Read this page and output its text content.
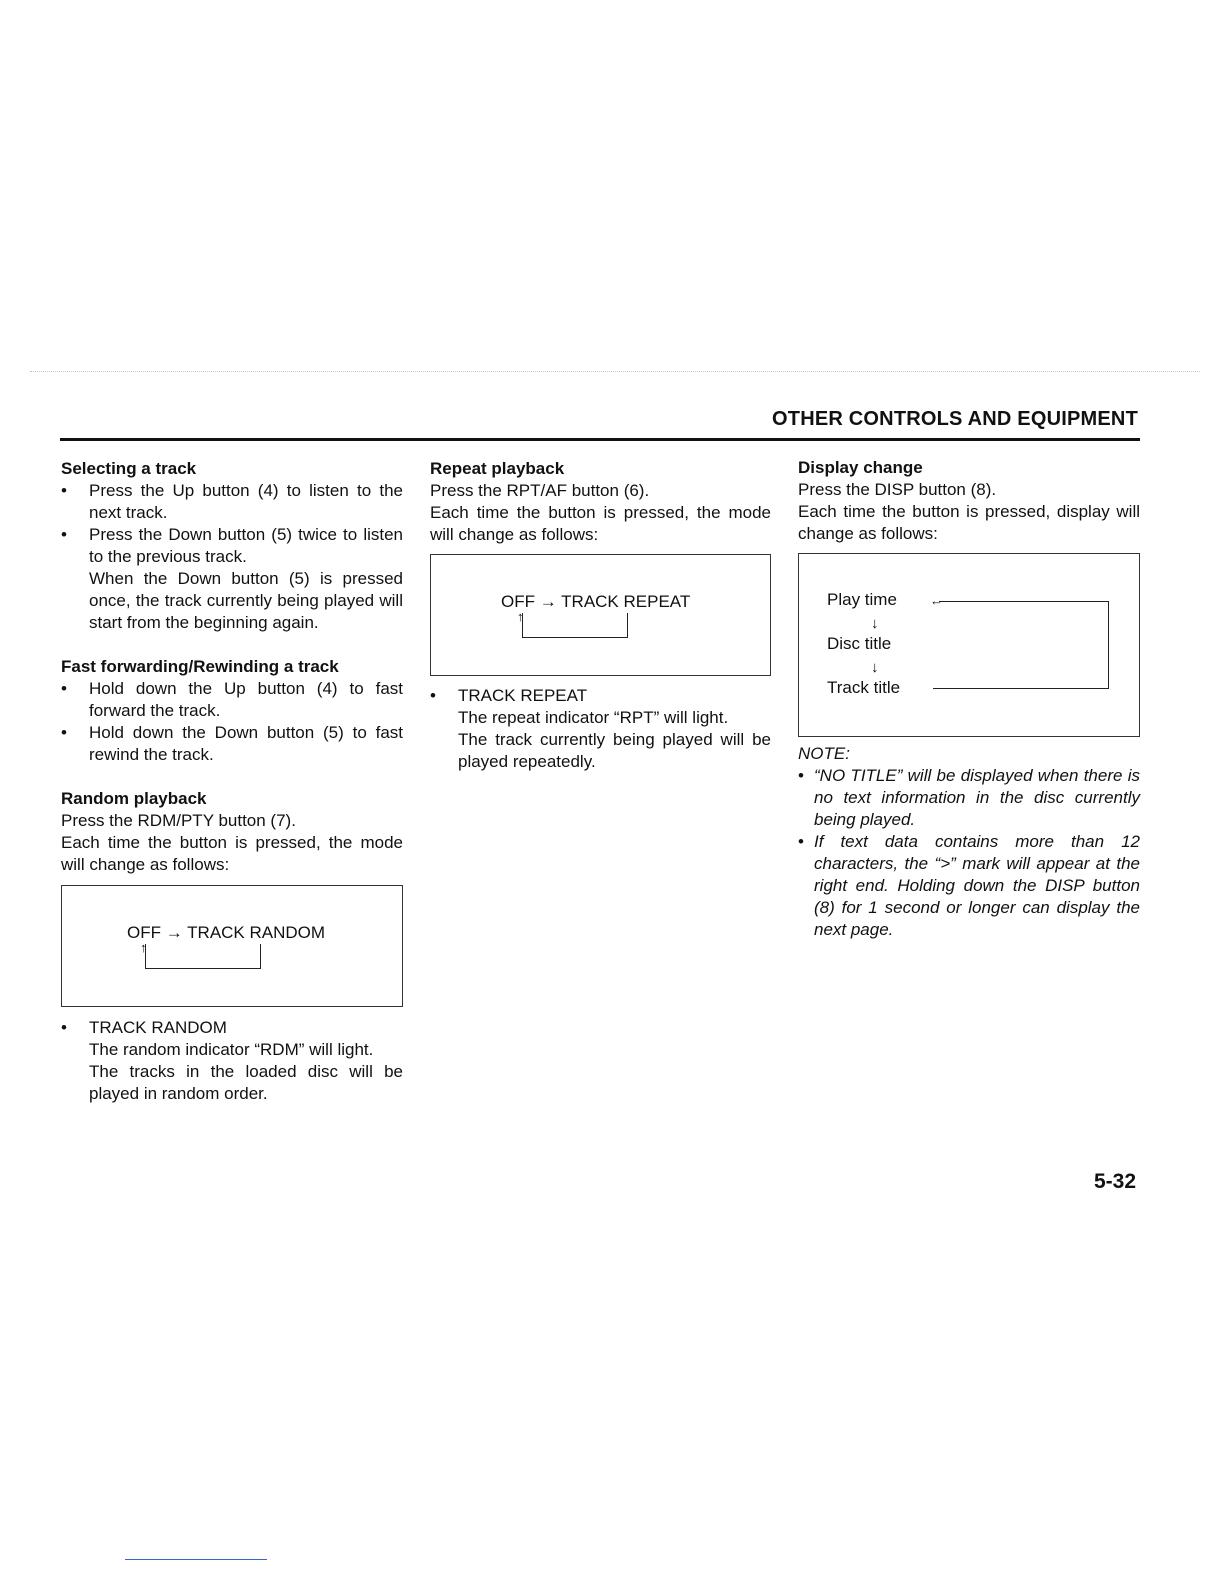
OTHER CONTROLS AND EQUIPMENT
Selecting a track
• Press the Up button (4) to listen to the next track.
• Press the Down button (5) twice to listen to the previous track.
When the Down button (5) is pressed once, the track currently being played will start from the beginning again.
Fast forwarding/Rewinding a track
• Hold down the Up button (4) to fast forward the track.
• Hold down the Down button (5) to fast rewind the track.
Random playback

Press the RDM/PTY button (7).

Each time the button is pressed, the mode will change as follows:

OFF → TRACK RANDOM
↑
• TRACK RANDOM
The random indicator “RDM” will light.
The tracks in the loaded disc will be played in random order.
Repeat playback

Press the RPT/AF button (6).

Each time the button is pressed, the mode will change as follows:

OFF → TRACK REPEAT
↑
• TRACK REPEAT
The repeat indicator “RPT” will light.
The track currently being played will be played repeatedly.
Display change

Press the DISP button (8).

Each time the button is pressed, display will change as follows:

Play time
↓
Disc title
↓
Track title
←

NOTE:

• “NO TITLE” will be displayed when there is no text information in the disc currently being played.
• If text data contains more than 12 characters, the “>” mark will appear at the right end. Holding down the DISP button (8) for 1 second or longer can display the next page.
5-32
